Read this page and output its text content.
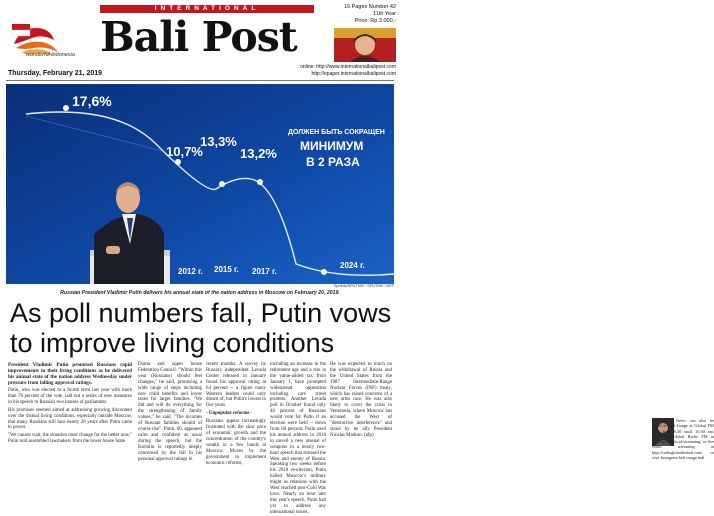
INTERNATIONAL
wonderful indonesia Bali Post
16 Pages Number 42
11th Year
Price: Rp 3.000,-
Thursday, February 21, 2019
online: http://www.internationalbalipost.com
http://epaper.internationalbalipost.com
17,6%
10,7%
13,3%
13,2%
ДОЛЖЕН БЫТЬ СОКРАЩЕН
МИНИМУМ
В 2 РАЗА
2012 г. 2015 г. 2017 г.
2024 г.
Sputnik/SPUTNIK / SPUTNIK / AFP
Russian President Vladimir Putin delivers his annual state of the nation address in Moscow on February 20, 2019.
As poll numbers fall, Putin vows to improve living conditions

President Vladimir Putin promised Russians rapid improvements in their living conditions as he delivered his annual state of the nation address Wednesday under pressure from falling approval ratings.

Putin, who was elected to a fourth term last year with more than 76 percent of the vote, laid out a series of new measures in his speech to Russia's two houses of parliament.

His promises seemed aimed at addressing growing discontent over the dismal living conditions, especially outside Moscow, that many Russians still face nearly 20 years after Putin came to power.

"We cannot wait, the situation must change for the better now," Putin told assembled lawmakers from the lower house State

Duma and upper house Federation Council. "Within this year (Russians) should feel changes," he said, promising a wide range of steps including new child benefits and lower taxes for larger families. "We did and will do everything for the strengthening of family values," he said. "The incomes of Russian families should of course rise". Putin, 66, appeared calm and confident as usual during the speech, but the Kremlin is reportedly deeply concerned by the fall in his personal approval ratings in

recent months. A survey by Russia's independent Levada Center released in January found his approval rating at 64 percent -- a figure many Western leaders could only dream of, but Putin's lowest in five years.

- Unpopular reforms -

Russians appear increasingly frustrated with the slow pace of economic growth and the concentration of the country's wealth in a few hands at Moscow. Moves by the government to implement economic reforms,

including an increase in the retirement age and a rise in the value-added tax from January 1, have prompted widespread opposition including rare street protests. Another Levada poll in October found only 40 percent of Russians would vote for Putin if an election were held -- down from 60 percent. Putin used his annual address in 2018 to unveil a new arsenal of weapons in a nearly two-hour speech that stressed the West and enemy of Russia. Speaking two weeks before his 2018 re-election, Putin hailed Moscow's military might as relations with the West reached post-Cold War lows. Nearly an hour into this year's speech, Putin had yet to address any international issues.

He was expected to touch on the withdrawal of Russia and the United States from the 1987 Intermediate-Range Nuclear Forces (INF) treaty, which has raised concerns of a new arms race. He was also likely to cover the crisis in Venezuela, where Moscow has accused the West of "destructive interference" and stood by its ally President Nicolas Maduro. (afp)

News can also be heard at Bali Image at Global FM 96.5 from 6.30 until 10.30 am. Listen to Global Radio FM at http://globalfm.id/streaming/ or live video streaming at http://radioglobalfmbali.com/ or visit Instagram bali image.bali
